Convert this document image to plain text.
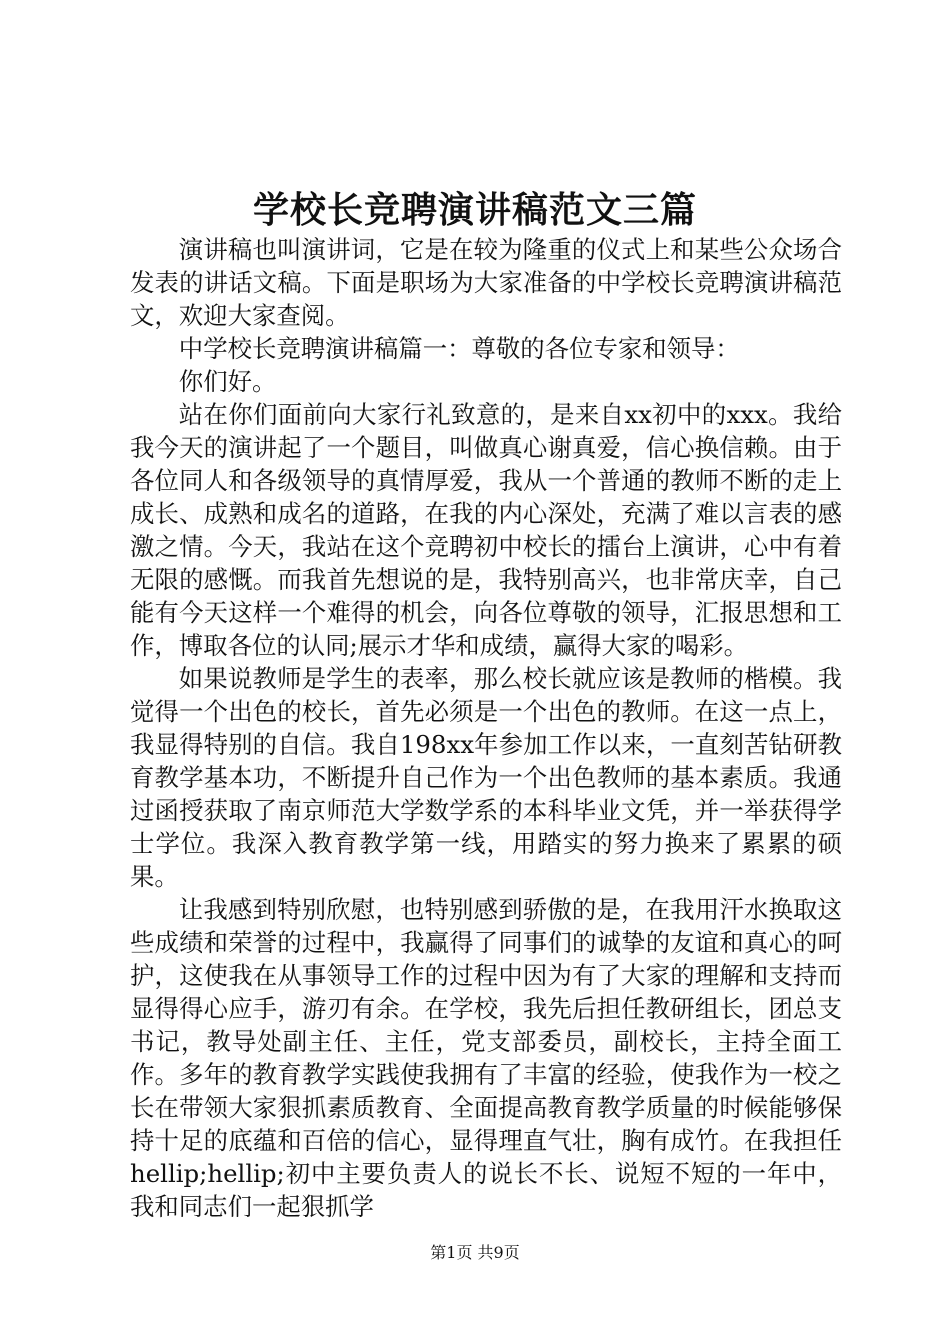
学校长竞聘演讲稿范文三篇

演讲稿也叫演讲词，它是在较为隆重的仪式上和某些公众场合发表的讲话文稿。下面是职场为大家准备的中学校长竞聘演讲稿范文，欢迎大家查阅。

中学校长竞聘演讲稿篇一：尊敬的各位专家和领导：

你们好。

站在你们面前向大家行礼致意的，是来自xx初中的xxx。我给我今天的演讲起了一个题目，叫做真心谢真爱，信心换信赖。由于各位同人和各级领导的真情厚爱，我从一个普通的教师不断的走上成长、成熟和成名的道路，在我的内心深处，充满了难以言表的感激之情。今天，我站在这个竞聘初中校长的擂台上演讲，心中有着无限的感慨。而我首先想说的是，我特别高兴，也非常庆幸，自己能有今天这样一个难得的机会，向各位尊敬的领导，汇报思想和工作，博取各位的认同;展示才华和成绩，赢得大家的喝彩。

如果说教师是学生的表率，那么校长就应该是教师的楷模。我觉得一个出色的校长，首先必须是一个出色的教师。在这一点上，我显得特别的自信。我自198xx年参加工作以来，一直刻苦钻研教育教学基本功，不断提升自己作为一个出色教师的基本素质。我通过函授获取了南京师范大学数学系的本科毕业文凭，并一举获得学士学位。我深入教育教学第一线，用踏实的努力换来了累累的硕果。

让我感到特别欣慰，也特别感到骄傲的是，在我用汗水换取这些成绩和荣誉的过程中，我赢得了同事们的诚挚的友谊和真心的呵护，这使我在从事领导工作的过程中因为有了大家的理解和支持而显得得心应手，游刃有余。在学校，我先后担任教研组长，团总支书记，教导处副主任、主任，党支部委员，副校长，主持全面工作。多年的教育教学实践使我拥有了丰富的经验，使我作为一校之长在带领大家狠抓素质教育、全面提高教育教学质量的时候能够保持十足的底蕴和百倍的信心，显得理直气壮，胸有成竹。在我担任hellip;hellip;初中主要负责人的说长不长、说短不短的一年中，我和同志们一起狠抓学

第1页 共9页
